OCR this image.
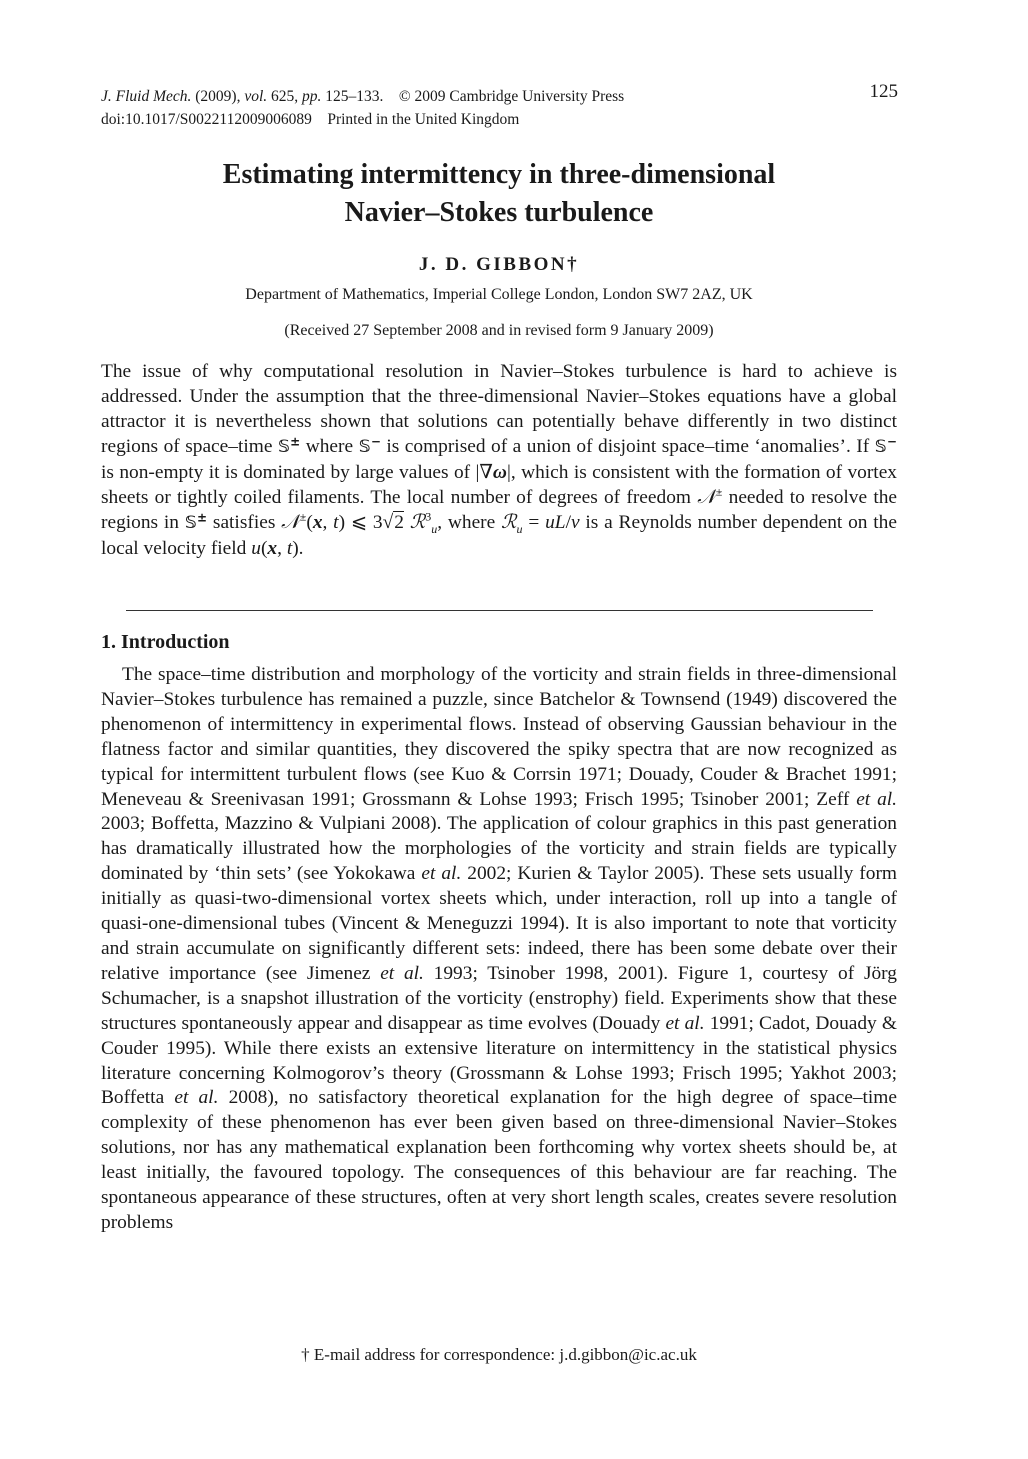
J. Fluid Mech. (2009), vol. 625, pp. 125–133. © 2009 Cambridge University Press
doi:10.1017/S0022112009006089 Printed in the United Kingdom
125
Estimating intermittency in three-dimensional
Navier–Stokes turbulence
J. D. GIBBON†
Department of Mathematics, Imperial College London, London SW7 2AZ, UK
(Received 27 September 2008 and in revised form 9 January 2009)
The issue of why computational resolution in Navier–Stokes turbulence is hard to achieve is addressed. Under the assumption that the three-dimensional Navier–Stokes equations have a global attractor it is nevertheless shown that solutions can potentially behave differently in two distinct regions of space–time 𝕊± where 𝕊− is comprised of a union of disjoint space–time ‘anomalies’. If 𝕊− is non-empty it is dominated by large values of |∇ω|, which is consistent with the formation of vortex sheets or tightly coiled filaments. The local number of degrees of freedom 𝒩± needed to resolve the regions in 𝕊± satisfies 𝒩±(x, t) ⩽ 3√2 ℛ$^3_u$, where ℛ$_u$ = uL/ν is a Reynolds number dependent on the local velocity field u(x, t).
1. Introduction

The space–time distribution and morphology of the vorticity and strain fields in three-dimensional Navier–Stokes turbulence has remained a puzzle, since Batchelor & Townsend (1949) discovered the phenomenon of intermittency in experimental flows. Instead of observing Gaussian behaviour in the flatness factor and similar quantities, they discovered the spiky spectra that are now recognized as typical for intermittent turbulent flows (see Kuo & Corrsin 1971; Douady, Couder & Brachet 1991; Meneveau & Sreenivasan 1991; Grossmann & Lohse 1993; Frisch 1995; Tsinober 2001; Zeff et al. 2003; Boffetta, Mazzino & Vulpiani 2008). The application of colour graphics in this past generation has dramatically illustrated how the morphologies of the vorticity and strain fields are typically dominated by ‘thin sets’ (see Yokokawa et al. 2002; Kurien & Taylor 2005). These sets usually form initially as quasi-two-dimensional vortex sheets which, under interaction, roll up into a tangle of quasi-one-dimensional tubes (Vincent & Meneguzzi 1994). It is also important to note that vorticity and strain accumulate on significantly different sets: indeed, there has been some debate over their relative importance (see Jimenez et al. 1993; Tsinober 1998, 2001). Figure 1, courtesy of Jörg Schumacher, is a snapshot illustration of the vorticity (enstrophy) field. Experiments show that these structures spontaneously appear and disappear as time evolves (Douady et al. 1991; Cadot, Douady & Couder 1995). While there exists an extensive literature on intermittency in the statistical physics literature concerning Kolmogorov’s theory (Grossmann & Lohse 1993; Frisch 1995; Yakhot 2003; Boffetta et al. 2008), no satisfactory theoretical explanation for the high degree of space–time complexity of these phenomenon has ever been given based on three-dimensional Navier–Stokes solutions, nor has any mathematical explanation been forthcoming why vortex sheets should be, at least initially, the favoured topology. The consequences of this behaviour are far reaching. The spontaneous appearance of these structures, often at very short length scales, creates severe resolution problems

† E-mail address for correspondence: j.d.gibbon@ic.ac.uk
